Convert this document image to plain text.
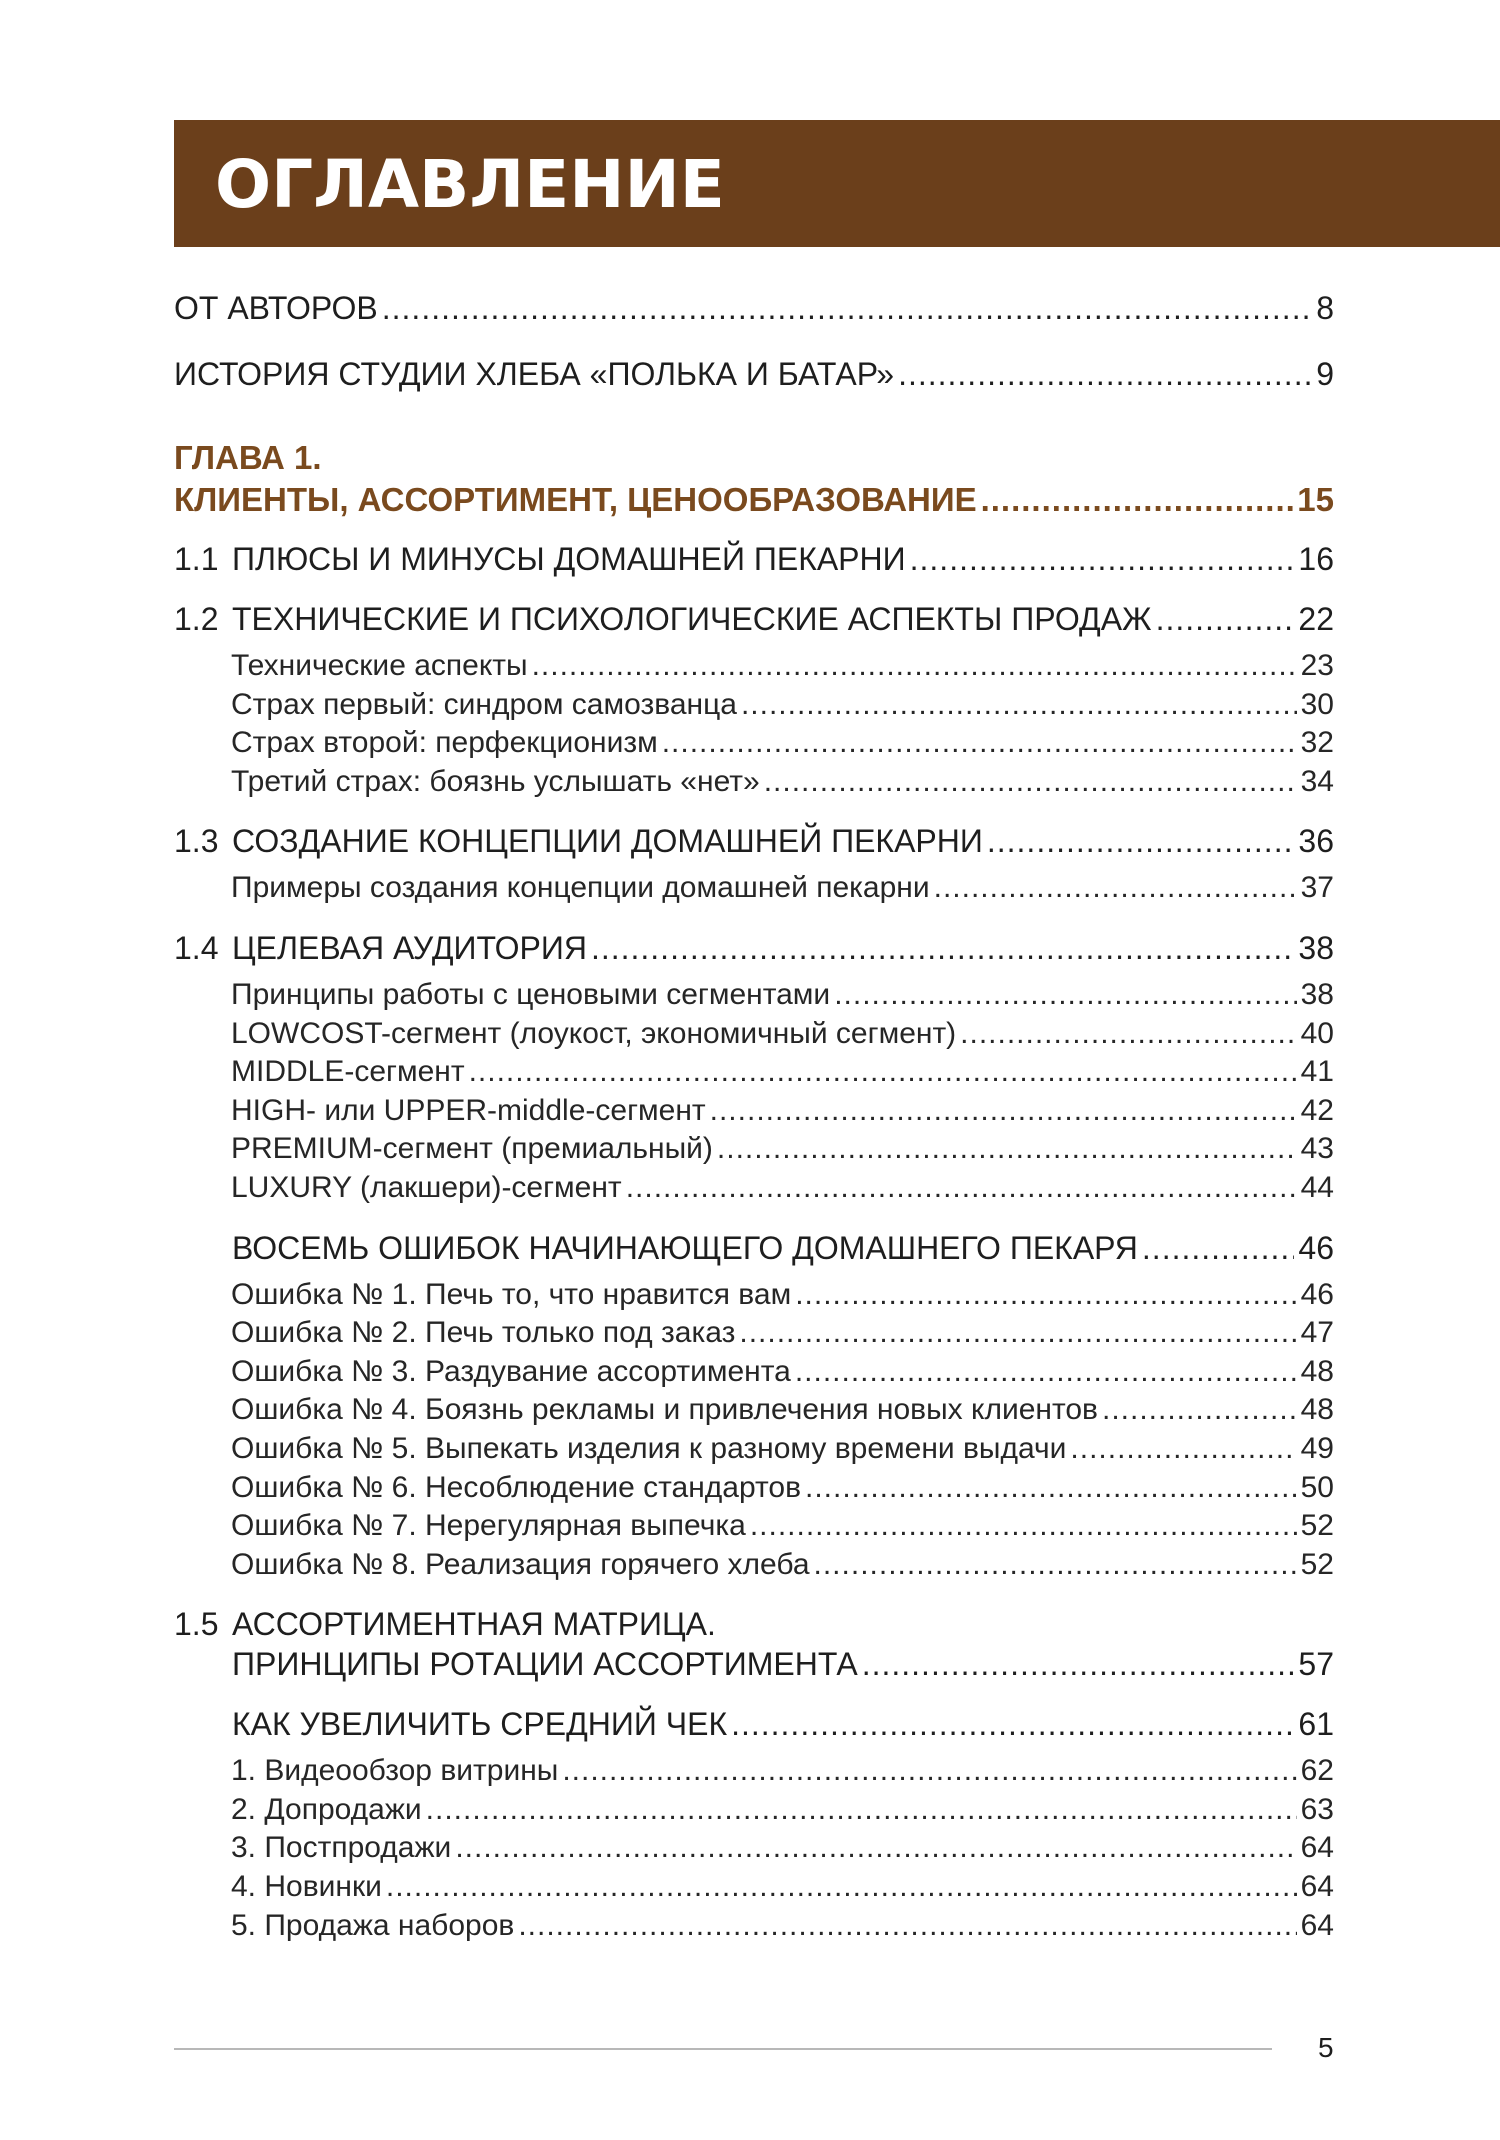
ОГЛАВЛЕНИЕ
ОТ АВТОРОВ .....	8
ИСТОРИЯ СТУДИИ ХЛЕБА «ПОЛЬКА И БАТАР» .....	9
ГЛАВА 1.
КЛИЕНТЫ, АССОРТИМЕНТ, ЦЕНООБРАЗОВАНИЕ .....	15
1.1 ПЛЮСЫ И МИНУСЫ ДОМАШНЕЙ ПЕКАРНИ .....	16
1.2 ТЕХНИЧЕСКИЕ И ПСИХОЛОГИЧЕСКИЕ АСПЕКТЫ ПРОДАЖ .....	22
Технические аспекты .....	23
Страх первый: синдром самозванца .....	30
Страх второй: перфекционизм .....	32
Третий страх: боязнь услышать «нет» .....	34
1.3 СОЗДАНИЕ КОНЦЕПЦИИ ДОМАШНЕЙ ПЕКАРНИ .....	36
Примеры создания концепции домашней пекарни .....	37
1.4 ЦЕЛЕВАЯ АУДИТОРИЯ .....	38
Принципы работы с ценовыми сегментами .....	38
LOWCOST-сегмент (лоукост, экономичный сегмент) .....	40
MIDDLE-сегмент .....	41
HIGH- или UPPER-middle-сегмент .....	42
PREMIUM-сегмент (премиальный) .....	43
LUXURY (лакшери)-сегмент .....	44
ВОСЕМЬ ОШИБОК НАЧИНАЮЩЕГО ДОМАШНЕГО ПЕКАРЯ .....	46
Ошибка № 1. Печь то, что нравится вам .....	46
Ошибка № 2. Печь только под заказ .....	47
Ошибка № 3. Раздувание ассортимента .....	48
Ошибка № 4. Боязнь рекламы и привлечения новых клиентов .....	48
Ошибка № 5. Выпекать изделия к разному времени выдачи .....	49
Ошибка № 6. Несоблюдение стандартов .....	50
Ошибка № 7. Нерегулярная выпечка .....	52
Ошибка № 8. Реализация горячего хлеба .....	52
1.5 АССОРТИМЕНТНАЯ МАТРИЦА.
ПРИНЦИПЫ РОТАЦИИ АССОРТИМЕНТА .....	57
КАК УВЕЛИЧИТЬ СРЕДНИЙ ЧЕК .....	61
1. Видеообзор витрины .....	62
2. Допродажи .....	63
3. Постпродажи .....	64
4. Новинки .....	64
5. Продажа наборов .....	64
5
